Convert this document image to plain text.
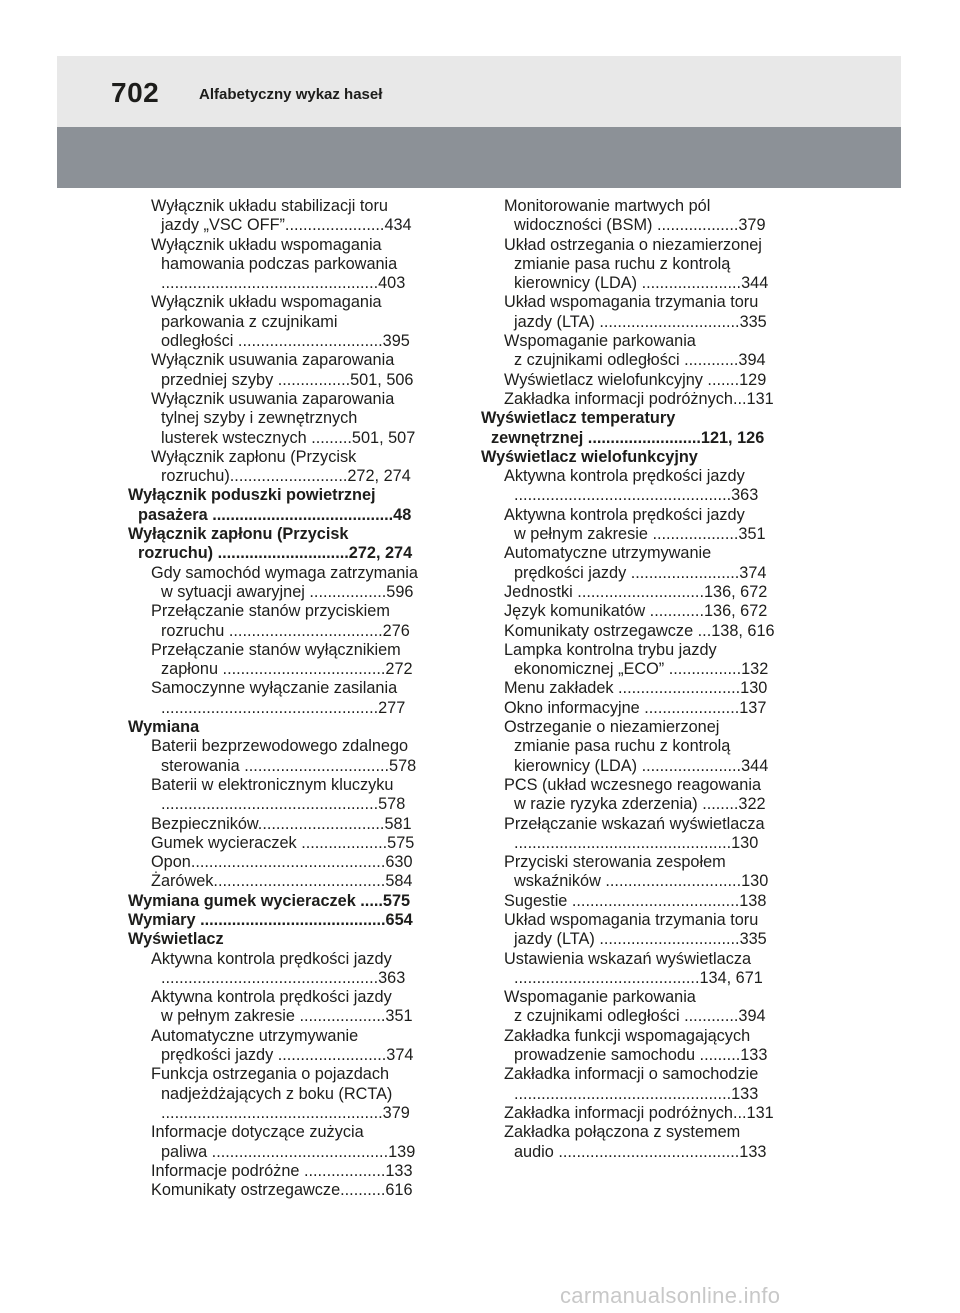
702	Alfabetyczny wykaz haseł
Wyłącznik układu stabilizacji toru
jazdy „VSC OFF”......................434
Wyłącznik układu wspomagania
hamowania podczas parkowania
................................................403
Wyłącznik układu wspomagania
parkowania z czujnikami
odległości ................................395
Wyłącznik usuwania zaparowania
przedniej szyby ................501, 506
Wyłącznik usuwania zaparowania
tylnej szyby i zewnętrznych
lusterek wstecznych .........501, 507
Wyłącznik zapłonu (Przycisk
rozruchu)..........................272, 274
Wyłącznik poduszki powietrznej
pasażera ........................................48
Wyłącznik zapłonu (Przycisk
rozruchu) .............................272, 274
Gdy samochód wymaga zatrzymania
w sytuacji awaryjnej .................596
Przełączanie stanów przyciskiem
rozruchu ..................................276
Przełączanie stanów wyłącznikiem
zapłonu ....................................272
Samoczynne wyłączanie zasilania
................................................277
Wymiana
Baterii bezprzewodowego zdalnego
sterowania ................................578
Baterii w elektronicznym kluczyku
................................................578
Bezpieczników............................581
Gumek wycieraczek ...................575
Opon...........................................630
Żarówek......................................584
Wymiana gumek wycieraczek .....575
Wymiary .........................................654
Wyświetlacz
Aktywna kontrola prędkości jazdy
................................................363
Aktywna kontrola prędkości jazdy
w pełnym zakresie ...................351
Automatyczne utrzymywanie
prędkości jazdy ........................374
Funkcja ostrzegania o pojazdach
nadjeżdżających z boku (RCTA)
.................................................379
Informacje dotyczące zużycia
paliwa .......................................139
Informacje podróżne ..................133
Komunikaty ostrzegawcze..........616
Monitorowanie martwych pól
widoczności (BSM) ..................379
Układ ostrzegania o niezamierzonej
zmianie pasa ruchu z kontrolą
kierownicy (LDA) ......................344
Układ wspomagania trzymania toru
jazdy (LTA) ...............................335
Wspomaganie parkowania
z czujnikami odległości ............394
Wyświetlacz wielofunkcyjny .......129
Zakładka informacji podróżnych...131
Wyświetlacz temperatury
zewnętrznej .........................121, 126
Wyświetlacz wielofunkcyjny
Aktywna kontrola prędkości jazdy
................................................363
Aktywna kontrola prędkości jazdy
w pełnym zakresie ...................351
Automatyczne utrzymywanie
prędkości jazdy ........................374
Jednostki ............................136, 672
Język komunikatów ............136, 672
Komunikaty ostrzegawcze ...138, 616
Lampka kontrolna trybu jazdy
ekonomicznej „ECO” ................132
Menu zakładek ...........................130
Okno informacyjne .....................137
Ostrzeganie o niezamierzonej
zmianie pasa ruchu z kontrolą
kierownicy (LDA) ......................344
PCS (układ wczesnego reagowania
w razie ryzyka zderzenia) ........322
Przełączanie wskazań wyświetlacza
................................................130
Przyciski sterowania zespołem
wskaźników ..............................130
Sugestie .....................................138
Układ wspomagania trzymania toru
jazdy (LTA) ...............................335
Ustawienia wskazań wyświetlacza
.........................................134, 671
Wspomaganie parkowania
z czujnikami odległości ............394
Zakładka funkcji wspomagających
prowadzenie samochodu .........133
Zakładka informacji o samochodzie
................................................133
Zakładka informacji podróżnych...131
Zakładka połączona z systemem
audio ........................................133
carmanualsonline.info
